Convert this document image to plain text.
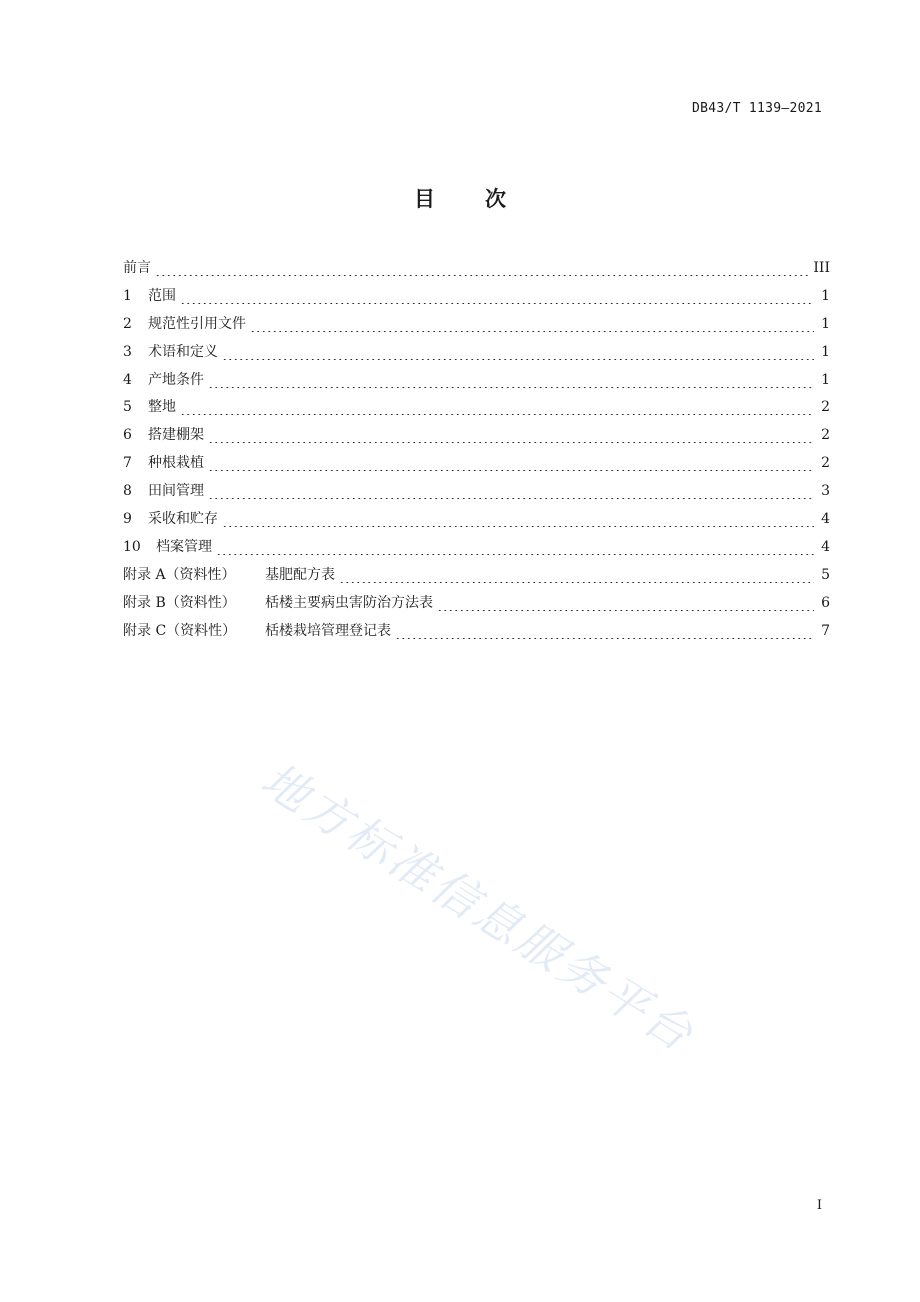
DB43/T 1139—2021
目次
前言	III
1	范围	1
2	规范性引用文件	1
3	术语和定义	1
4	产地条件	1
5	整地	2
6	搭建棚架	2
7	种根栽植	2
8	田间管理	3
9	采收和贮存	4
10	档案管理	4
附录 A（资料性）	基肥配方表	5
附录 B（资料性）	栝楼主要病虫害防治方法表	6
附录 C（资料性）	栝楼栽培管理登记表	7
地方标准信息服务平台
I
